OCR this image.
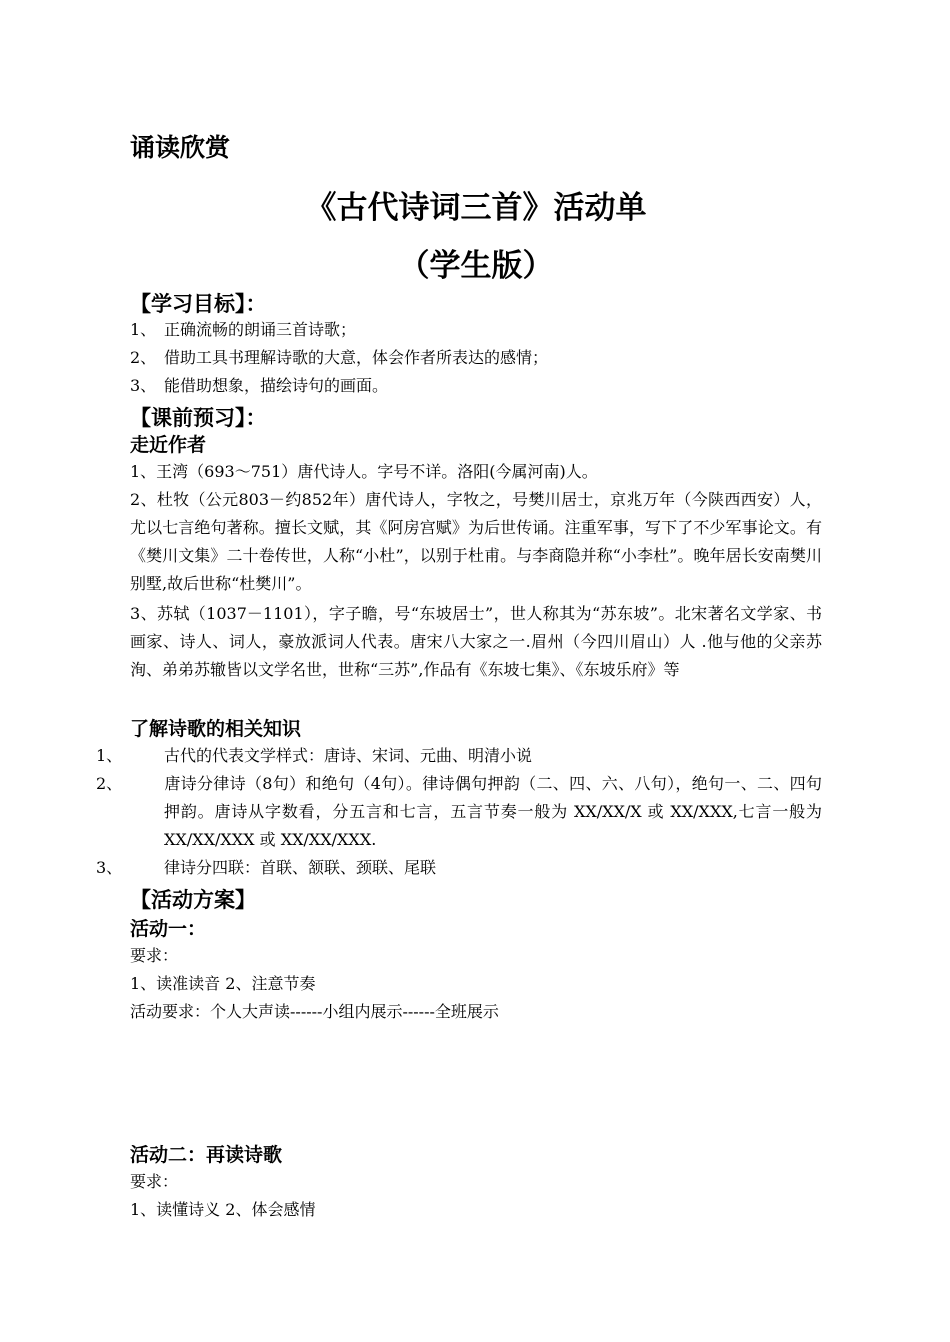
诵读欣赏
《古代诗词三首》活动单
（学生版）
【学习目标】：
1、 正确流畅的朗诵三首诗歌；
2、 借助工具书理解诗歌的大意，体会作者所表达的感情；
3、 能借助想象，描绘诗句的画面。
【课前预习】：
走近作者
1、王湾（693～751）唐代诗人。字号不详。洛阳(今属河南)人。
2、杜牧（公元803－约852年）唐代诗人，字牧之，号樊川居士，京兆万年（今陕西西安）人，尤以七言绝句著称。擅长文赋，其《阿房宫赋》为后世传诵。注重军事，写下了不少军事论文。有《樊川文集》二十卷传世，人称“小杜”，以别于杜甫。与李商隐并称“小李杜”。晚年居长安南樊川别墅,故后世称“杜樊川”。
3、苏轼（1037－1101），字子瞻，号“东坡居士”，世人称其为“苏东坡”。北宋著名文学家、书画家、诗人、词人，豪放派词人代表。唐宋八大家之一.眉州（今四川眉山）人 .他与他的父亲苏洵、弟弟苏辙皆以文学名世，世称“三苏”,作品有《东坡七集》、《东坡乐府》等
了解诗歌的相关知识
1、	古代的代表文学样式：唐诗、宋词、元曲、明清小说
2、	唐诗分律诗（8句）和绝句（4句）。律诗偶句押韵（二、四、六、八句），绝句一、二、四句押韵。唐诗从字数看，分五言和七言，五言节奏一般为 XX/XX/X 或 XX/XXX,七言一般为 XX/XX/XXX 或 XX/XX/XXX.
3、	律诗分四联：首联、颔联、颈联、尾联
【活动方案】
活动一：
要求：
1、读准读音 2、注意节奏
活动要求：个人大声读------小组内展示------全班展示
活动二：再读诗歌
要求：
1、读懂诗义 2、体会感情
